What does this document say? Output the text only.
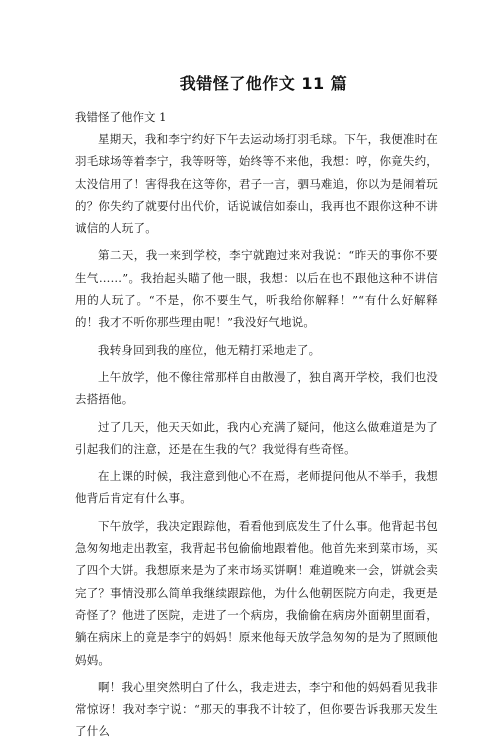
我错怪了他作文 11 篇

我错怪了他作文 1

星期天，我和李宁约好下午去运动场打羽毛球。下午，我便准时在羽毛球场等着李宁，我等呀等，始终等不来他，我想：哼，你竟失约，太没信用了！害得我在这等你，君子一言，驷马难追，你以为是闹着玩的？你失约了就要付出代价，话说诚信如泰山，我再也不跟你这种不讲诚信的人玩了。

第二天，我一来到学校，李宁就跑过来对我说：“昨天的事你不要生气……”。我抬起头瞄了他一眼，我想：以后在也不跟他这种不讲信用的人玩了。“不是，你不要生气，听我给你解释！”“有什么好解释的！我才不听你那些理由呢！”我没好气地说。

我转身回到我的座位，他无精打采地走了。

上午放学，他不像往常那样自由散漫了，独自离开学校，我们也没去搭捂他。

过了几天，他天天如此，我内心充满了疑问，他这么做难道是为了引起我们的注意，还是在生我的气？我觉得有些奇怪。

在上课的时候，我注意到他心不在焉，老师提问他从不举手，我想他背后肯定有什么事。

下午放学，我决定跟踪他，看看他到底发生了什么事。他背起书包急匆匆地走出教室，我背起书包偷偷地跟着他。他首先来到菜市场，买了四个大饼。我想原来是为了来市场买饼啊！难道晚来一会，饼就会卖完了？事情没那么简单我继续跟踪他，为什么他朝医院方向走，我更是奇怪了？他进了医院，走进了一个病房，我偷偷在病房外面朝里面看，躺在病床上的竟是李宁的妈妈！原来他每天放学急匆匆的是为了照顾他妈妈。

啊！我心里突然明白了什么，我走进去，李宁和他的妈妈看见我非常惊讶！我对李宁说：“那天的事我不计较了，但你要告诉我那天发生了什么
